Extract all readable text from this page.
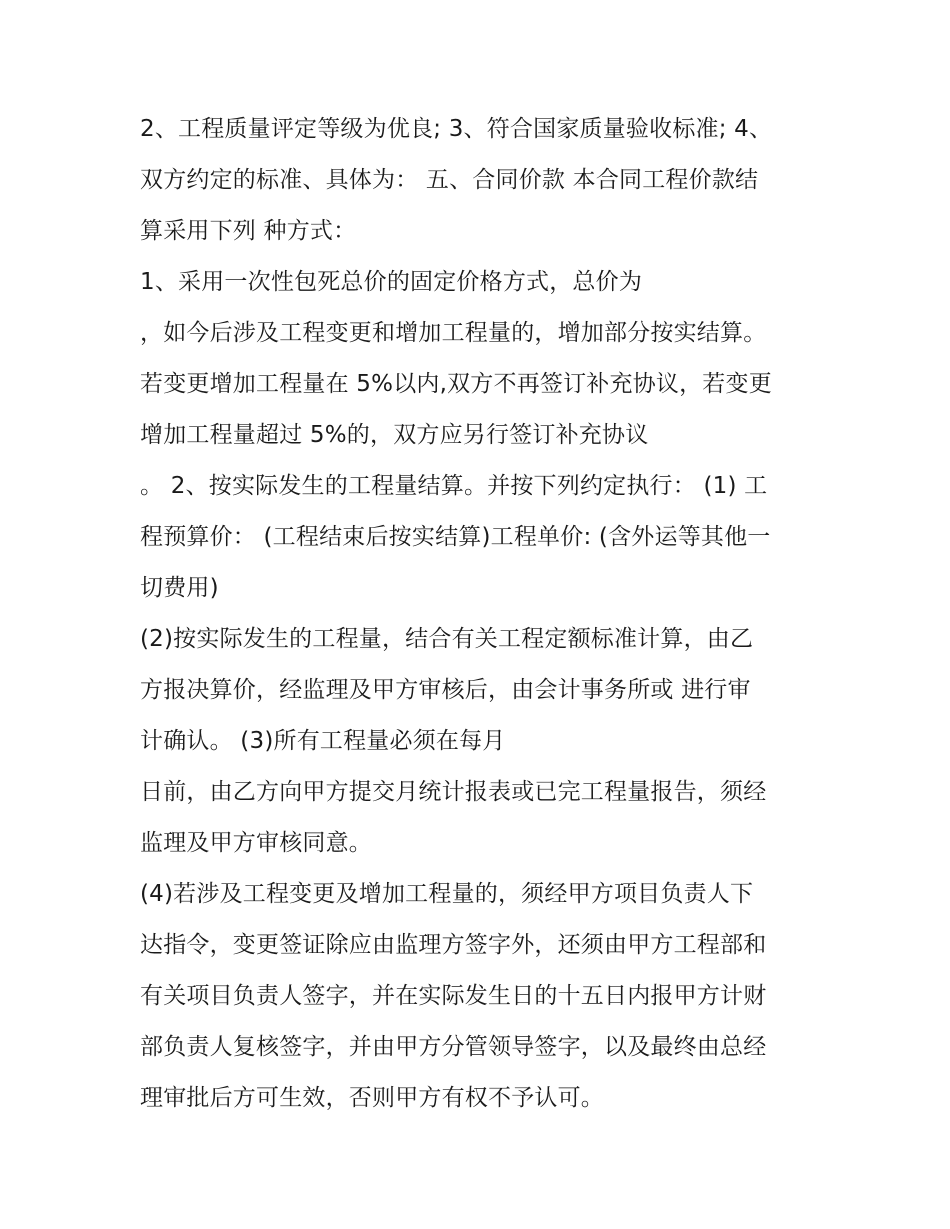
2、工程质量评定等级为优良; 3、符合国家质量验收标准; 4、
双方约定的标准、具体为： 五、合同价款 本合同工程价款结
算采用下列 种方式：
1、采用一次性包死总价的固定价格方式，总价为
，如今后涉及工程变更和增加工程量的，增加部分按实结算。
若变更增加工程量在 5%以内,双方不再签订补充协议，若变更
增加工程量超过 5%的，双方应另行签订补充协议
。 2、按实际发生的工程量结算。并按下列约定执行： (1) 工
程预算价： (工程结束后按实结算)工程单价: (含外运等其他一
切费用)
(2)按实际发生的工程量，结合有关工程定额标准计算，由乙
方报决算价，经监理及甲方审核后，由会计事务所或 进行审
计确认。 (3)所有工程量必须在每月
日前，由乙方向甲方提交月统计报表或已完工程量报告，须经
监理及甲方审核同意。
(4)若涉及工程变更及增加工程量的，须经甲方项目负责人下
达指令，变更签证除应由监理方签字外，还须由甲方工程部和
有关项目负责人签字，并在实际发生日的十五日内报甲方计财
部负责人复核签字，并由甲方分管领导签字，以及最终由总经
理审批后方可生效，否则甲方有权不予认可。
